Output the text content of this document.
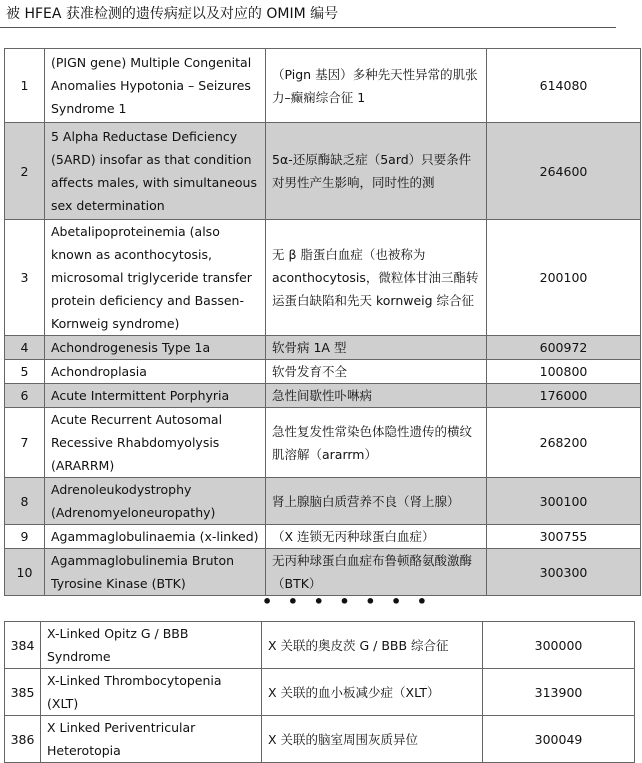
被 HFEA 获准检测的遗传病症以及对应的 OMIM 编号
1	(PIGN gene) Multiple Congenital Anomalies Hypotonia – Seizures Syndrome 1	（Pign 基因）多种先天性异常的肌张力–癫痫综合征 1	614080
2	5 Alpha Reductase Deficiency (5ARD) insofar as that condition affects males, with simultaneous sex determination	5α-还原酶缺乏症（5ard）只要条件对男性产生影响，同时性的测	264600
3	Abetalipoproteinemia (also known as aconthocytosis, microsomal triglyceride transfer protein deficiency and Bassen-Kornweig syndrome)	无 β 脂蛋白血症（也被称为 aconthocytosis，微粒体甘油三酯转运蛋白缺陷和先天 kornweig 综合征	200100
4	Achondrogenesis Type 1a	软骨病 1A 型	600972
5	Achondroplasia	软骨发育不全	100800
6	Acute Intermittent Porphyria	急性间歇性卟啉病	176000
7	Acute Recurrent Autosomal Recessive Rhabdomyolysis (ARARRM)	急性复发性常染色体隐性遗传的横纹肌溶解（ararrm）	268200
8	Adrenoleukodystrophy (Adrenomyeloneuropathy)	肾上腺脑白质营养不良（肾上腺）	300100
9	Agammaglobulinaemia (x-linked)	（X 连锁无丙种球蛋白血症）	300755
10	Agammaglobulinemia Bruton Tyrosine Kinase (BTK)	无丙种球蛋白血症布鲁顿酪氨酸激酶（BTK）	300300
• • • • • • •
384	X-Linked Opitz G / BBB Syndrome	X 关联的奥皮茨 G / BBB 综合征	300000
385	X-Linked Thrombocytopenia (XLT)	X 关联的血小板减少症（XLT）	313900
386	X Linked Periventricular Heterotopia	X 关联的脑室周围灰质异位	300049
